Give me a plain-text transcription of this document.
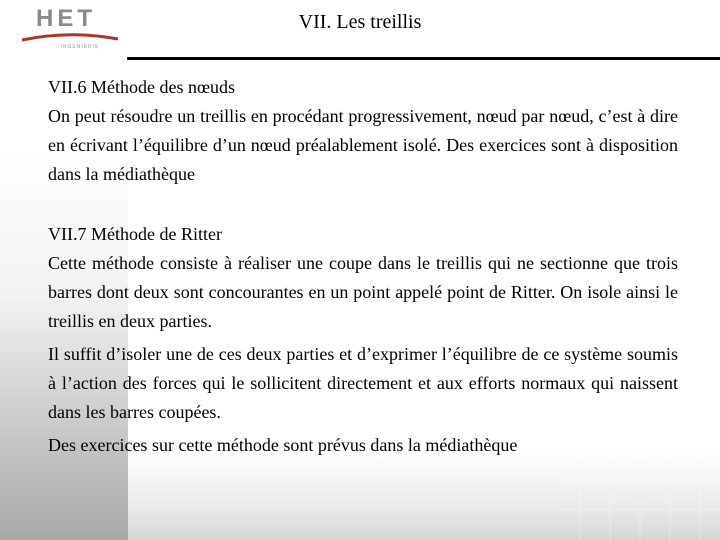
HET
INGÉNIERIE
VII. Les treillis
VII.6 Méthode des nœuds

On peut résoudre un treillis en procédant progressivement, nœud par nœud, c’est à dire en écrivant l’équilibre d’un nœud préalablement isolé. Des exercices sont à disposition dans la médiathèque

VII.7 Méthode de Ritter

Cette méthode consiste à réaliser une coupe dans le treillis qui ne sectionne que trois barres dont deux sont concourantes en un point appelé point de Ritter. On isole ainsi le treillis en deux parties.

Il suffit d’isoler une de ces deux parties et d’exprimer l’équilibre de ce système soumis à l’action des forces qui le sollicitent directement et aux efforts normaux qui naissent dans les barres coupées.

Des exercices sur cette méthode sont prévus dans la médiathèque
